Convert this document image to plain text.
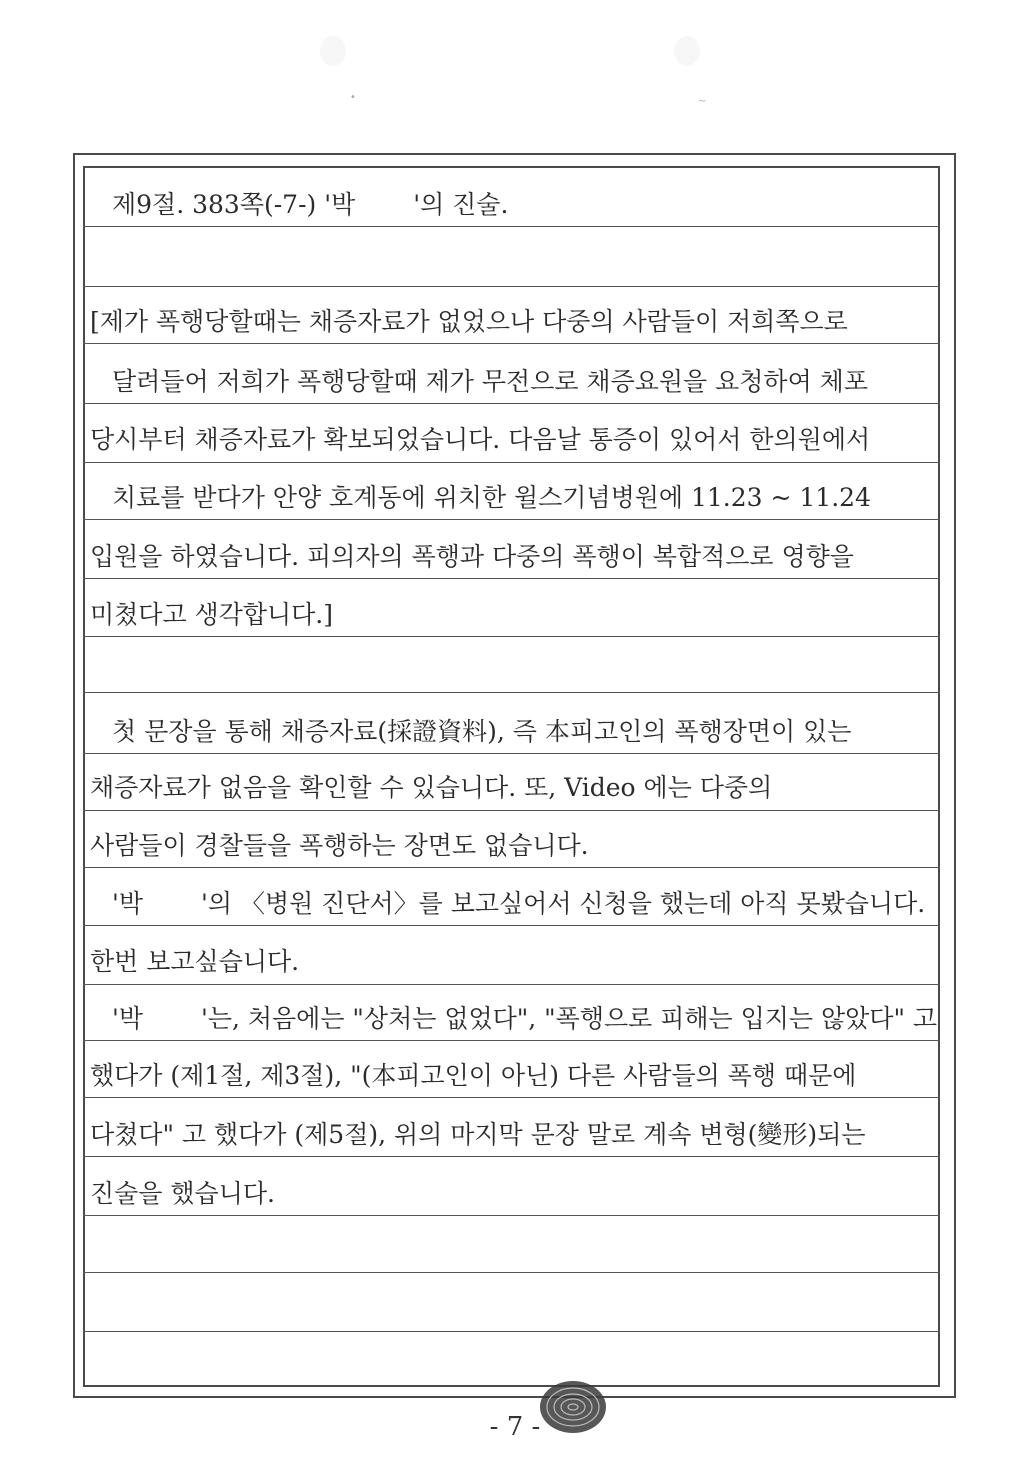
•	~
제9절. 383쪽(-7-) '박　　 '의 진술.
[제가 폭행당할때는 채증자료가 없었으나 다중의 사람들이 저희쪽으로
달려들어 저희가 폭행당할때 제가 무전으로 채증요원을 요청하여 체포
당시부터 채증자료가 확보되었습니다. 다음날 통증이 있어서 한의원에서
치료를 받다가 안양 호계동에 위치한 윌스기념병원에 11.23 ~ 11.24
입원을 하였습니다. 피의자의 폭행과 다중의 폭행이 복합적으로 영향을
미쳤다고 생각합니다.]
첫 문장을 통해 채증자료(採證資料), 즉 本피고인의 폭행장면이 있는
채증자료가 없음을 확인할 수 있습니다. 또, Video 에는 다중의
사람들이 경찰들을 폭행하는 장면도 없습니다.
'박　　 '의 〈병원 진단서〉를 보고싶어서 신청을 했는데 아직 못봤습니다.
한번 보고싶습니다.
'박　　 '는, 처음에는 "상처는 없었다", "폭행으로 피해는 입지는 않았다" 고
했다가 (제1절, 제3절), "(本피고인이 아닌) 다른 사람들의 폭행 때문에
다쳤다" 고 했다가 (제5절), 위의 마지막 문장 말로 계속 변형(變形)되는
진술을 했습니다.
- 7 -
